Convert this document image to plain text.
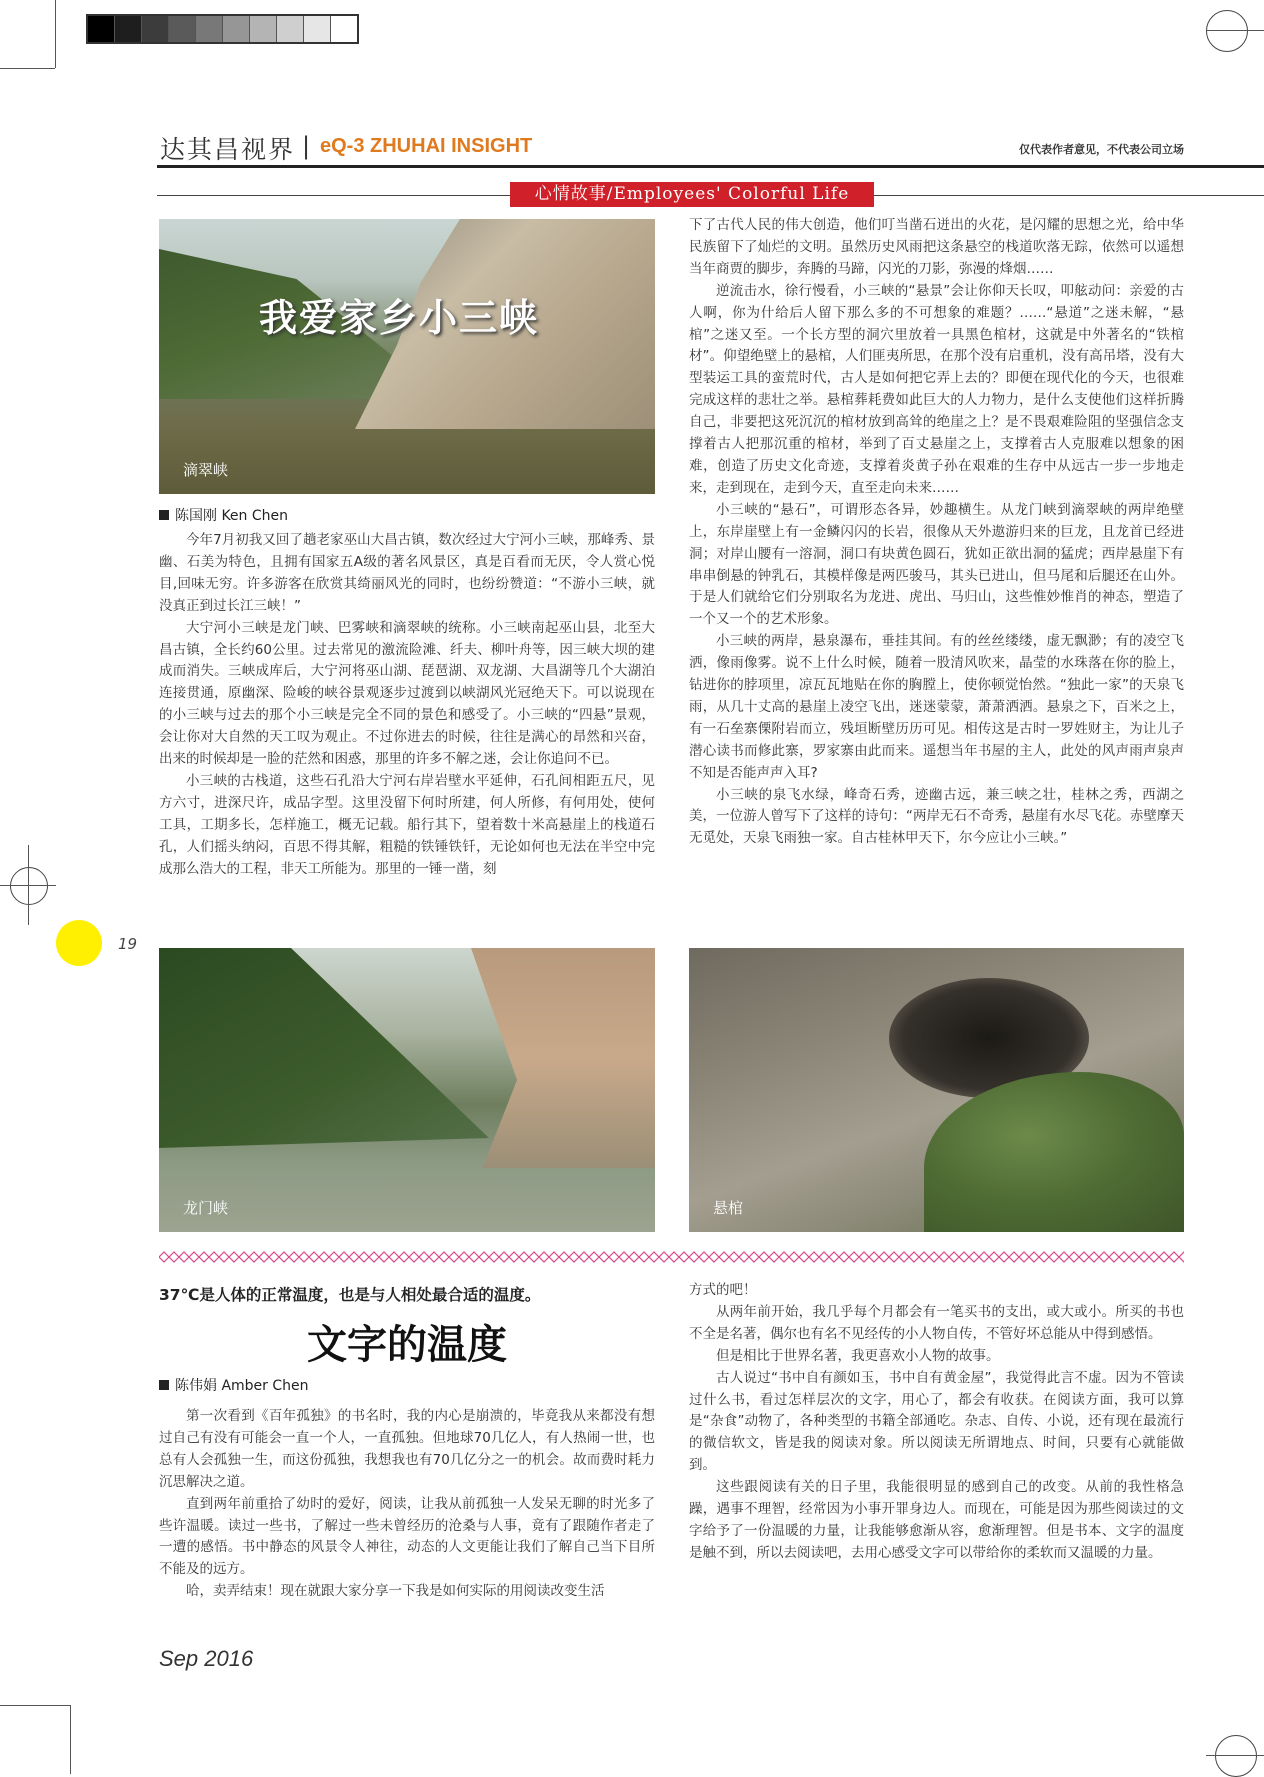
达其昌视界 | eQ-3 ZHUHAI INSIGHT	仅代表作者意见，不代表公司立场
心情故事/Employees' Colorful Life
我爱家乡小三峡
滴翠峡
陈国刚 Ken Chen

今年7月初我又回了趟老家巫山大昌古镇，数次经过大宁河小三峡，那峰秀、景幽、石美为特色，且拥有国家五A级的著名风景区，真是百看而无厌，令人赏心悦目,回味无穷。许多游客在欣赏其绮丽风光的同时，也纷纷赞道：“不游小三峡，就没真正到过长江三峡！”

大宁河小三峡是龙门峡、巴雾峡和滴翠峡的统称。小三峡南起巫山县，北至大昌古镇，全长约60公里。过去常见的激流险滩、纤夫、柳叶舟等，因三峡大坝的建成而消失。三峡成库后，大宁河将巫山湖、琵琶湖、双龙湖、大昌湖等几个大湖泊连接贯通，原幽深、险峻的峡谷景观逐步过渡到以峡湖风光冠绝天下。可以说现在的小三峡与过去的那个小三峡是完全不同的景色和感受了。小三峡的“四悬”景观，会让你对大自然的天工叹为观止。不过你进去的时候，往往是满心的昂然和兴奋，出来的时候却是一脸的茫然和困惑，那里的许多不解之迷，会让你追问不已。

小三峡的古栈道，这些石孔沿大宁河右岸岩壁水平延伸，石孔间相距五尺，见方六寸，进深尺许，成品字型。这里没留下何时所建，何人所修，有何用处，使何工具，工期多长，怎样施工，概无记载。船行其下，望着数十米高悬崖上的栈道石孔，人们摇头纳闷，百思不得其解，粗糙的铁锤铁钎，无论如何也无法在半空中完成那么浩大的工程，非天工所能为。那里的一锤一凿，刻

下了古代人民的伟大创造，他们叮当凿石迸出的火花，是闪耀的思想之光，给中华民族留下了灿烂的文明。虽然历史风雨把这条悬空的栈道吹落无踪，依然可以遥想当年商贾的脚步，奔腾的马蹄，闪光的刀影，弥漫的烽烟……

逆流击水，徐行慢看，小三峡的“悬景”会让你仰天长叹，叩舷动问：亲爱的古人啊，你为什给后人留下那么多的不可想象的难题？……“悬道”之迷未解，“悬棺”之迷又至。一个长方型的洞穴里放着一具黑色棺材，这就是中外著名的“铁棺材”。仰望绝壁上的悬棺，人们匪夷所思，在那个没有启重机，没有高吊塔，没有大型装运工具的蛮荒时代，古人是如何把它弄上去的？即便在现代化的今天，也很难完成这样的悲壮之举。悬棺葬耗费如此巨大的人力物力，是什么支使他们这样折腾自己，非要把这死沉沉的棺材放到高耸的绝崖之上？是不畏艰难险阻的坚强信念支撑着古人把那沉重的棺材，举到了百丈悬崖之上，支撑着古人克服难以想象的困难，创造了历史文化奇迹，支撑着炎黄子孙在艰难的生存中从远古一步一步地走来，走到现在，走到今天，直至走向未来……

小三峡的“悬石”，可谓形态各异，妙趣横生。从龙门峡到滴翠峡的两岸绝壁上，东岸崖壁上有一金鳞闪闪的长岩，很像从天外遨游归来的巨龙，且龙首已经进洞；对岸山腰有一溶洞，洞口有块黄色圆石，犹如正欲出洞的猛虎；西岸悬崖下有串串倒悬的钟乳石，其模样像是两匹骏马，其头已进山，但马尾和后腿还在山外。于是人们就给它们分别取名为龙进、虎出、马归山，这些惟妙惟肖的神态，塑造了一个又一个的艺术形象。

小三峡的两岸，悬泉瀑布，垂挂其间。有的丝丝缕缕，虚无飘渺；有的凌空飞洒，像雨像雾。说不上什么时候，随着一股清风吹来，晶莹的水珠落在你的脸上，钻进你的脖项里，凉瓦瓦地贴在你的胸膛上，使你顿觉怡然。“独此一家”的天泉飞雨，从几十丈高的悬崖上凌空飞出，迷迷蒙蒙，萧萧洒洒。悬泉之下，百米之上，有一石垒寨傈附岩而立，残垣断壁历历可见。相传这是古时一罗姓财主，为让儿子潜心读书而修此寨，罗家寨由此而来。遥想当年书屋的主人，此处的风声雨声泉声不知是否能声声入耳?

小三峡的泉飞水绿，峰奇石秀，迹幽古远，兼三峡之壮，桂林之秀，西湖之美，一位游人曾写下了这样的诗句：“两岸无石不奇秀，悬崖有水尽飞花。赤壁摩天无觅处，天泉飞雨独一家。自古桂林甲天下，尔今应让小三峡。”

19
龙门峡	悬棺
37℃是人体的正常温度，也是与人相处最合适的温度。
文字的温度
陈伟娟 Amber Chen

第一次看到《百年孤独》的书名时，我的内心是崩溃的，毕竟我从来都没有想过自己有没有可能会一直一个人，一直孤独。但地球70几亿人，有人热闹一世，也总有人会孤独一生，而这份孤独，我想我也有70几亿分之一的机会。故而费时耗力沉思解决之道。

直到两年前重拾了幼时的爱好，阅读，让我从前孤独一人发呆无聊的时光多了些许温暖。读过一些书，了解过一些未曾经历的沧桑与人事，竟有了跟随作者走了一遭的感悟。书中静态的风景令人神往，动态的人文更能让我们了解自己当下目所不能及的远方。

哈，卖弄结束！现在就跟大家分享一下我是如何实际的用阅读改变生活

方式的吧！

从两年前开始，我几乎每个月都会有一笔买书的支出，或大或小。所买的书也不全是名著，偶尔也有名不见经传的小人物自传，不管好坏总能从中得到感悟。

但是相比于世界名著，我更喜欢小人物的故事。

古人说过“书中自有颜如玉，书中自有黄金屋”，我觉得此言不虚。因为不管读过什么书，看过怎样层次的文字，用心了，都会有收获。在阅读方面，我可以算是“杂食”动物了，各种类型的书籍全部通吃。杂志、自传、小说，还有现在最流行的微信软文，皆是我的阅读对象。所以阅读无所谓地点、时间，只要有心就能做到。

这些跟阅读有关的日子里，我能很明显的感到自己的改变。从前的我性格急躁，遇事不理智，经常因为小事开罪身边人。而现在，可能是因为那些阅读过的文字给予了一份温暖的力量，让我能够愈渐从容，愈渐理智。但是书本、文字的温度是触不到，所以去阅读吧，去用心感受文字可以带给你的柔软而又温暖的力量。

Sep 2016
